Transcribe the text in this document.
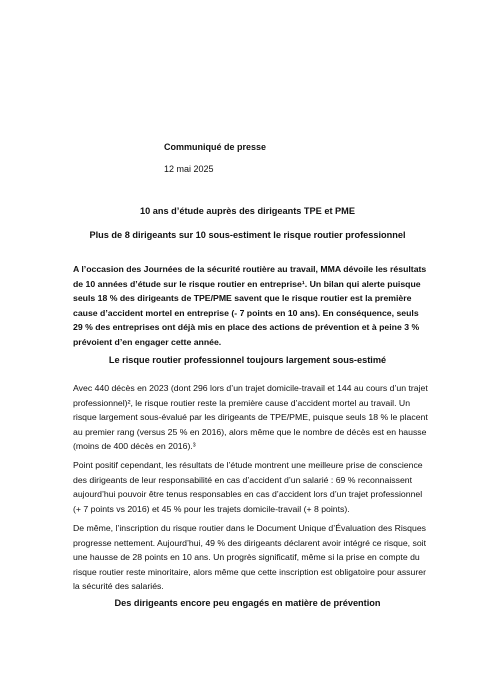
Communiqué de presse
12 mai 2025
10 ans d’étude auprès des dirigeants TPE et PME
Plus de 8 dirigeants sur 10 sous-estiment le risque routier professionnel
A l’occasion des Journées de la sécurité routière au travail, MMA dévoile les résultats de 10 années d’étude sur le risque routier en entreprise¹. Un bilan qui alerte puisque seuls 18 % des dirigeants de TPE/PME savent que le risque routier est la première cause d’accident mortel en entreprise (- 7 points en 10 ans). En conséquence, seuls 29 % des entreprises ont déjà mis en place des actions de prévention et à peine 3 % prévoient d’en engager cette année.
Le risque routier professionnel toujours largement sous-estimé
Avec 440 décès en 2023 (dont 296 lors d’un trajet domicile-travail et 144 au cours d’un trajet professionnel)², le risque routier reste la première cause d’accident mortel au travail. Un risque largement sous-évalué par les dirigeants de TPE/PME, puisque seuls 18 % le placent au premier rang (versus 25 % en 2016), alors même que le nombre de décès est en hausse (moins de 400 décès en 2016).³
Point positif cependant, les résultats de l’étude montrent une meilleure prise de conscience des dirigeants de leur responsabilité en cas d’accident d’un salarié : 69 % reconnaissent aujourd’hui pouvoir être tenus responsables en cas d’accident lors d’un trajet professionnel (+ 7 points vs 2016) et 45 % pour les trajets domicile-travail (+ 8 points).
De même, l’inscription du risque routier dans le Document Unique d’Évaluation des Risques progresse nettement. Aujourd’hui, 49 % des dirigeants déclarent avoir intégré ce risque, soit une hausse de 28 points en 10 ans. Un progrès significatif, même si la prise en compte du risque routier reste minoritaire, alors même que cette inscription est obligatoire pour assurer la sécurité des salariés.
Des dirigeants encore peu engagés en matière de prévention
